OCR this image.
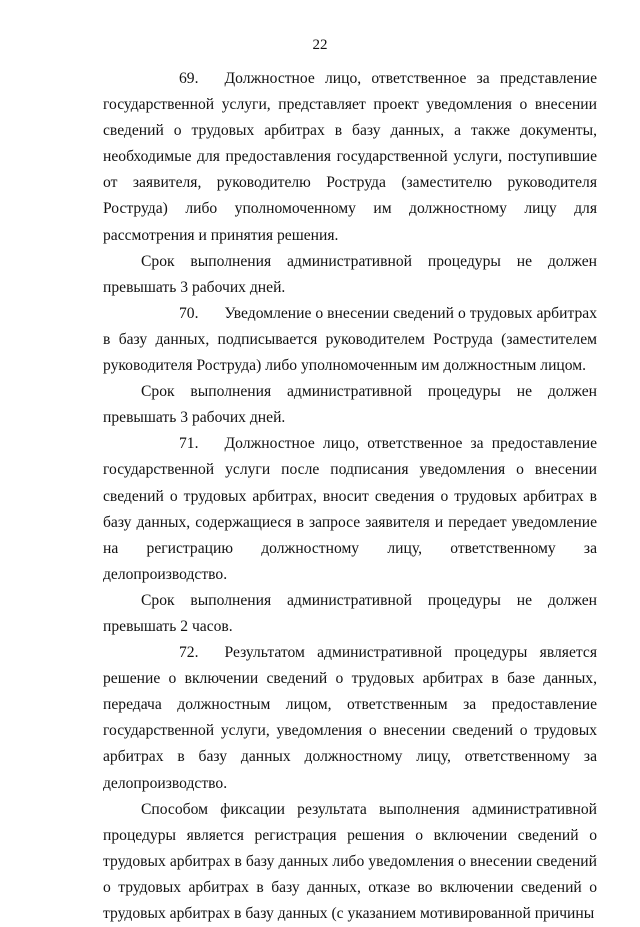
22

69. Должностное лицо, ответственное за представление государственной услуги, представляет проект уведомления о внесении сведений о трудовых арбитрах в базу данных, а также документы, необходимые для предоставления государственной услуги, поступившие от заявителя, руководителю Роструда (заместителю руководителя Роструда) либо уполномоченному им должностному лицу для рассмотрения и принятия решения.

Срок выполнения административной процедуры не должен превышать 3 рабочих дней.

70. Уведомление о внесении сведений о трудовых арбитрах в базу данных, подписывается руководителем Роструда (заместителем руководителя Роструда) либо уполномоченным им должностным лицом.

Срок выполнения административной процедуры не должен превышать 3 рабочих дней.

71. Должностное лицо, ответственное за предоставление государственной услуги после подписания уведомления о внесении сведений о трудовых арбитрах, вносит сведения о трудовых арбитрах в базу данных, содержащиеся в запросе заявителя и передает уведомление на регистрацию должностному лицу, ответственному за делопроизводство.

Срок выполнения административной процедуры не должен превышать 2 часов.

72. Результатом административной процедуры является решение о включении сведений о трудовых арбитрах в базе данных, передача должностным лицом, ответственным за предоставление государственной услуги, уведомления о внесении сведений о трудовых арбитрах в базу данных должностному лицу, ответственному за делопроизводство.

Способом фиксации результата выполнения административной процедуры является регистрация решения о включении сведений о трудовых арбитрах в базу данных либо уведомления о внесении сведений о трудовых арбитрах в базу данных, отказе во включении сведений о трудовых арбитрах в базу данных (с указанием мотивированной причины
